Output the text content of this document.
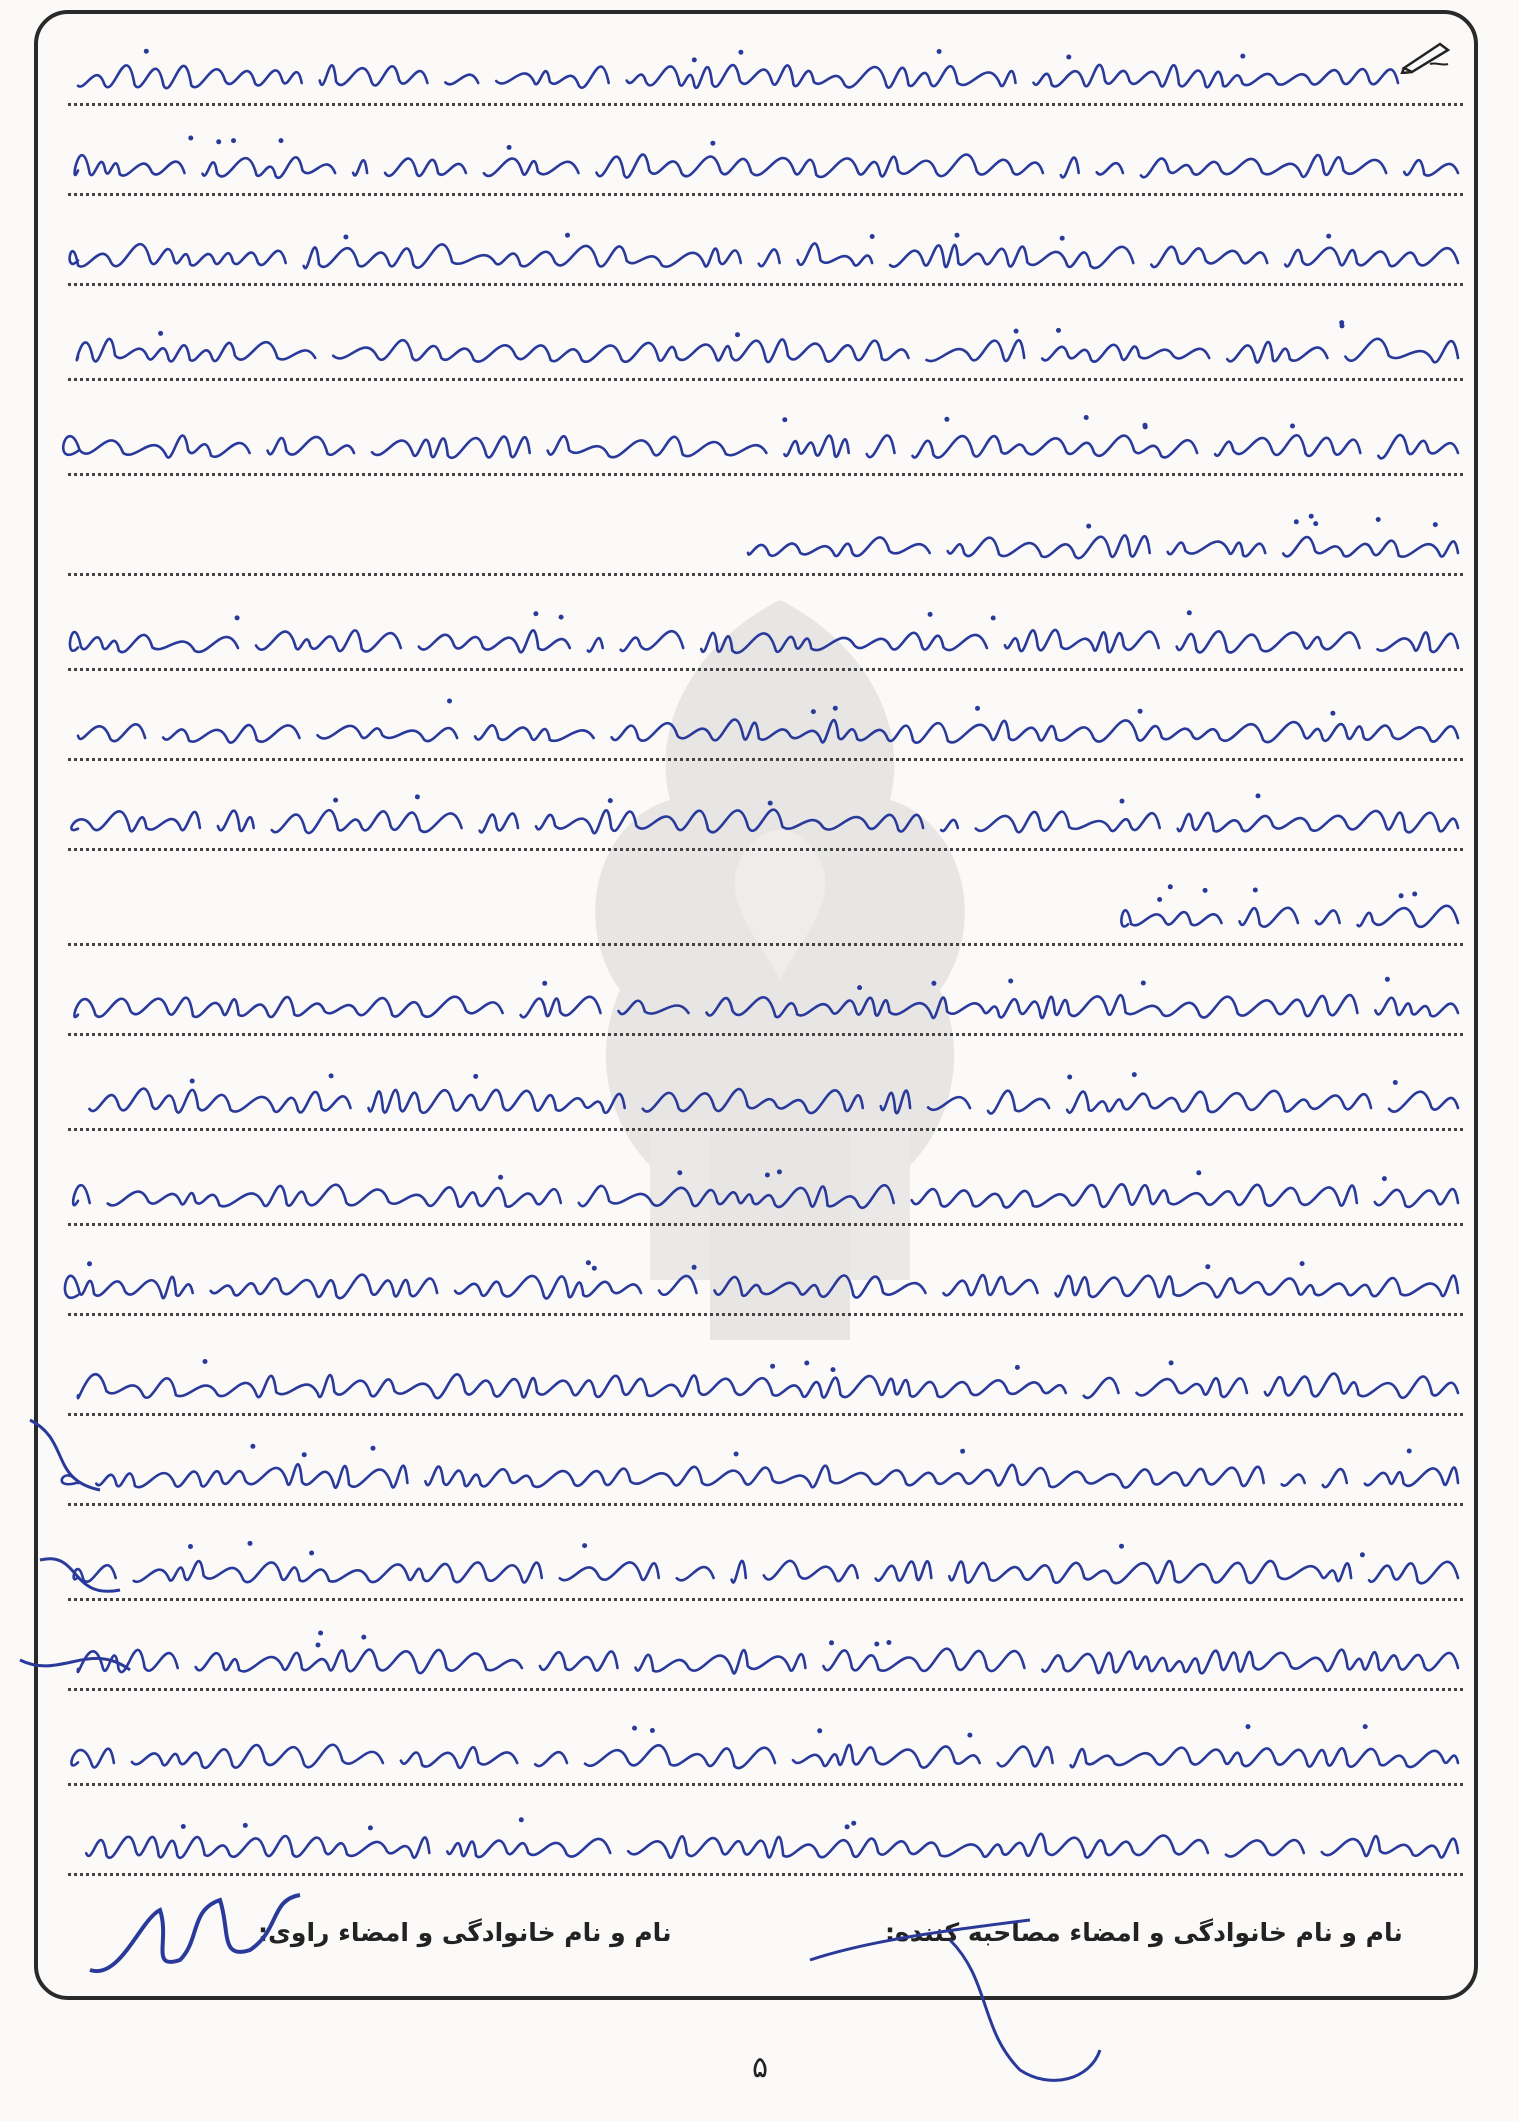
نام و نام خانوادگی و امضاء مصاحبه کننده:
نام و نام خانوادگی و امضاء راوی:
۵
